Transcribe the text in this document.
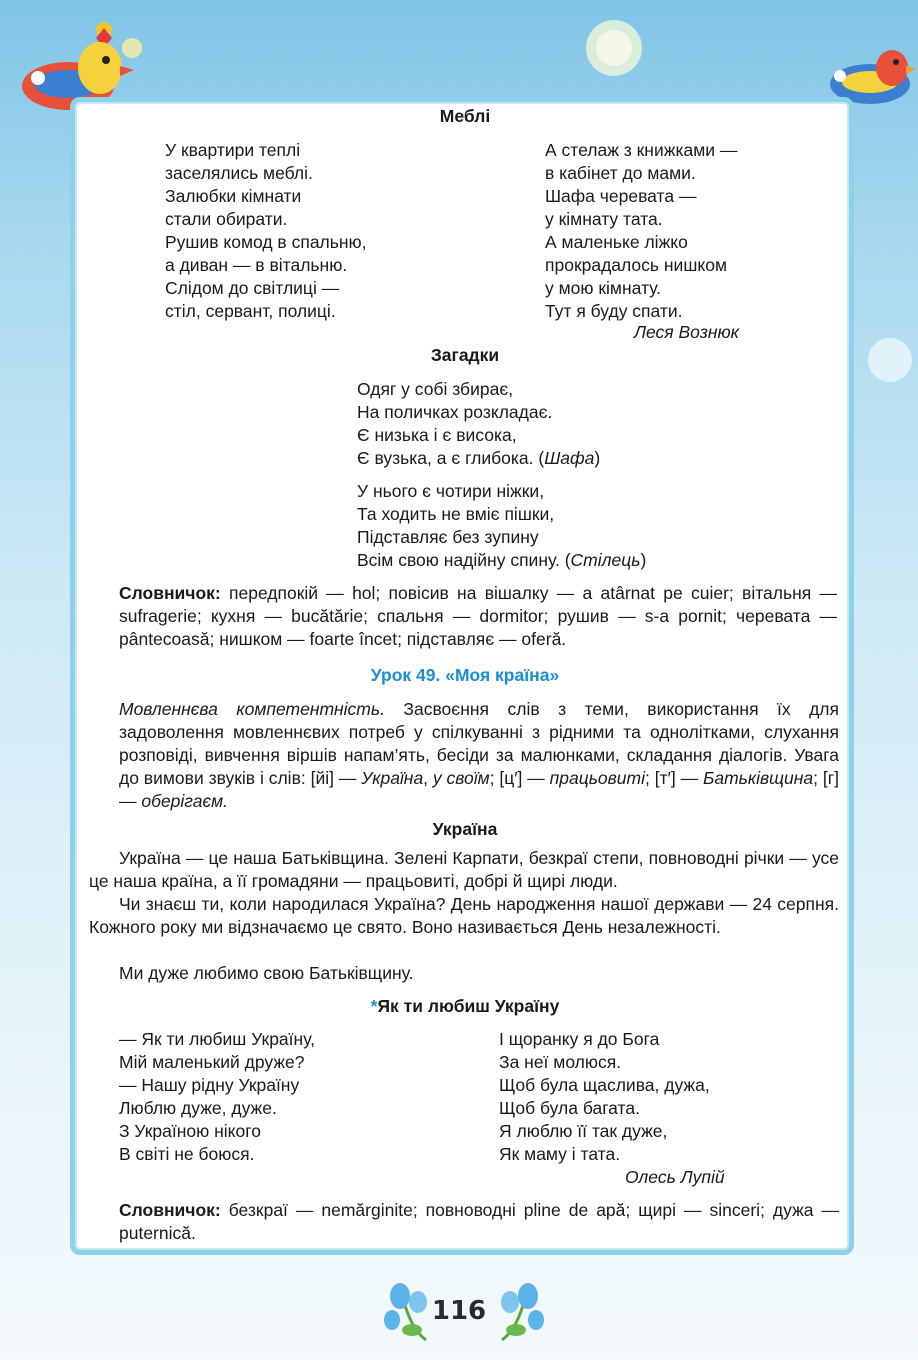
Меблі
У квартири теплі
заселялись меблі.
Залюбки кімнати
стали обирати.
Рушив комод в спальню,
а диван — в вітальню.
Слідом до світлиці —
стіл, сервант, полиці.
А стелаж з книжками —
в кабінет до мами.
Шафа черевата —
у кімнату тата.
А маленьке ліжко
прокрадалось нишком
у мою кімнату.
Тут я буду спати.
Леся Вознюк
Загадки
Одяг у собі збирає,
На поличках розкладає.
Є низька і є висока,
Є вузька, а є глибока. (Шафа)
У нього є чотири ніжки,
Та ходить не вміє пішки,
Підставляє без зупину
Всім свою надійну спину. (Стілець)
Словничок: передпокій — hol; повісив на вішалку — a atârnat pe cuier; вітальня — sufragerie; кухня — bucătărie; спальня — dormitor; рушив — s-a pornit; черевата — pântecoasă; нишком — foarte încet; підставляє — oferă.
Урок 49. «Моя країна»
Мовленнєва компетентність. Засвоєння слів з теми, використання їх для задоволення мовленнєвих потреб у спілкуванні з рідними та однолітками, слухання розповіді, вивчення віршів напам’ять, бесіди за малюнками, складання діалогів. Увага до вимови звуків і слів: [йі] — Україна, у своїм; [ц′] — працьовиті; [т′] — Батьківщина; [г] — оберігаєм.
Україна
Україна — це наша Батьківщина. Зелені Карпати, безкраї степи, повноводні річки — усе це наша країна, а її громадяни — працьовиті, добрі й щирі люди.
Чи знаєш ти, коли народилася Україна? День народження нашої держави — 24 серпня. Кожного року ми відзначаємо це свято. Воно називається День незалежності.
Ми дуже любимо свою Батьківщину.
*Як ти любиш Україну
— Як ти любиш Україну,
Мій маленький друже?
— Нашу рідну Україну
Люблю дуже, дуже.
З Україною нікого
В світі не боюся.
І щоранку я до Бога
За неї молюся.
Щоб була щаслива, дужа,
Щоб була багата.
Я люблю її так дуже,
Як маму і тата.
Олесь Лупій
Словничок: безкраї — nemărginite; повноводні pline de apă; щирі — sinceri; дужа — puternică.
116
